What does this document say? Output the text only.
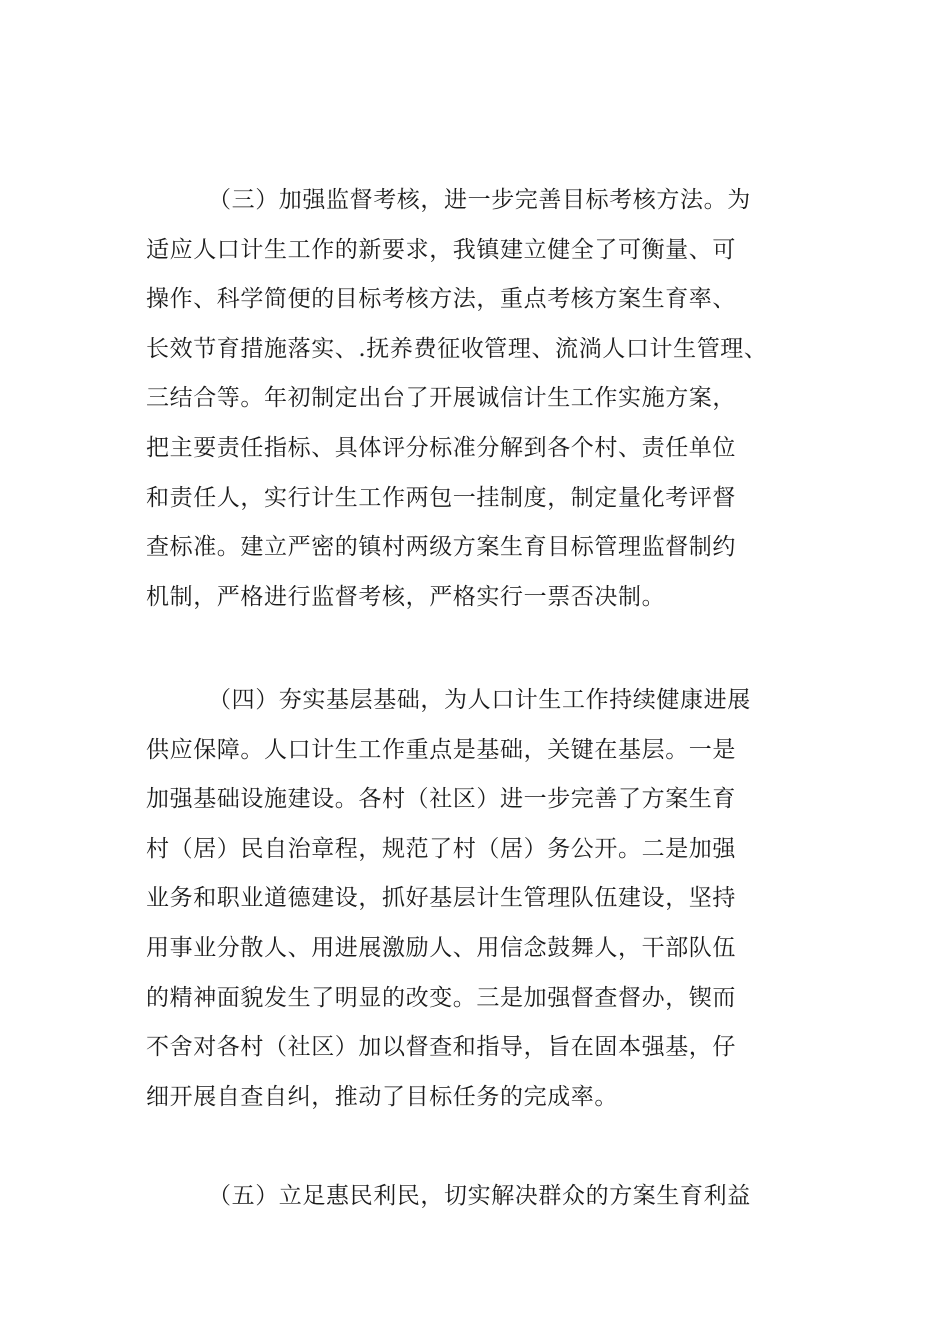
（三）加强监督考核，进一步完善目标考核方法。为
适应人口计生工作的新要求，我镇建立健全了可衡量、可
操作、科学简便的目标考核方法，重点考核方案生育率、
长效节育措施落实、.抚养费征收管理、流淌人口计生管理、
三结合等。年初制定出台了开展诚信计生工作实施方案，
把主要责任指标、具体评分标准分解到各个村、责任单位
和责任人，实行计生工作两包一挂制度，制定量化考评督
查标准。建立严密的镇村两级方案生育目标管理监督制约
机制，严格进行监督考核，严格实行一票否决制。
（四）夯实基层基础，为人口计生工作持续健康进展
供应保障。人口计生工作重点是基础，关键在基层。一是
加强基础设施建设。各村（社区）进一步完善了方案生育
村（居）民自治章程，规范了村（居）务公开。二是加强
业务和职业道德建设，抓好基层计生管理队伍建设，坚持
用事业分散人、用进展激励人、用信念鼓舞人，干部队伍
的精神面貌发生了明显的改变。三是加强督查督办，锲而
不舍对各村（社区）加以督查和指导，旨在固本强基，仔
细开展自查自纠，推动了目标任务的完成率。
（五）立足惠民利民，切实解决群众的方案生育利益
